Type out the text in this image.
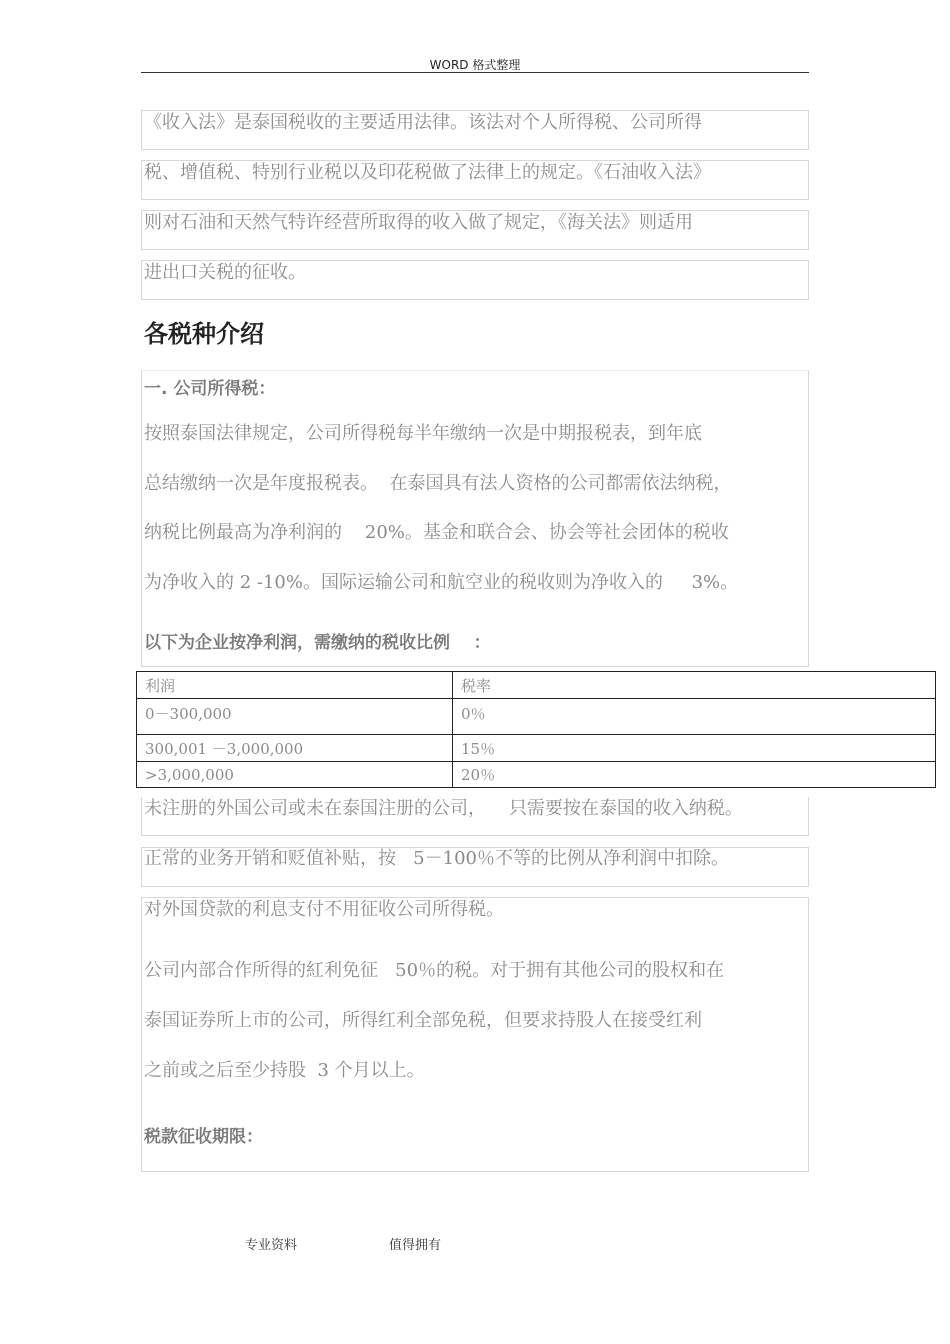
WORD 格式整理
《收入法》是泰国税收的主要适用法律。该法对个人所得税、公司所得
税、增值税、特别行业税以及印花税做了法律上的规定。《石油收入法》
则对石油和天然气特许经营所取得的收入做了规定，《海关法》则适用
进出口关税的征收。
各税种介绍
一. 公司所得税：
按照泰国法律规定，公司所得税每半年缴纳一次是中期报税表，到年底
总结缴纳一次是年度报税表。  在泰国具有法人资格的公司都需依法纳税，
纳税比例最高为净利润的    20%。基金和联合会、协会等社会团体的税收
为净收入的 2 -10%。国际运输公司和航空业的税收则为净收入的     3%。
以下为企业按净利润，需缴纳的税收比例    ：
利润	税率
0－300,000	0％
300,001 －3,000,000	15％
>3,000,000	20％
未注册的外国公司或未在泰国注册的公司，    只需要按在泰国的收入纳税。
正常的业务开销和贬值补贴，按   5－100％不等的比例从净利润中扣除。
对外国贷款的利息支付不用征收公司所得税。
公司内部合作所得的紅利免征   50％的税。对于拥有其他公司的股权和在
泰国证券所上市的公司，所得红利全部免税，但要求持股人在接受红利
之前或之后至少持股  3 个月以上。
税款征收期限：
专业资料	值得拥有
